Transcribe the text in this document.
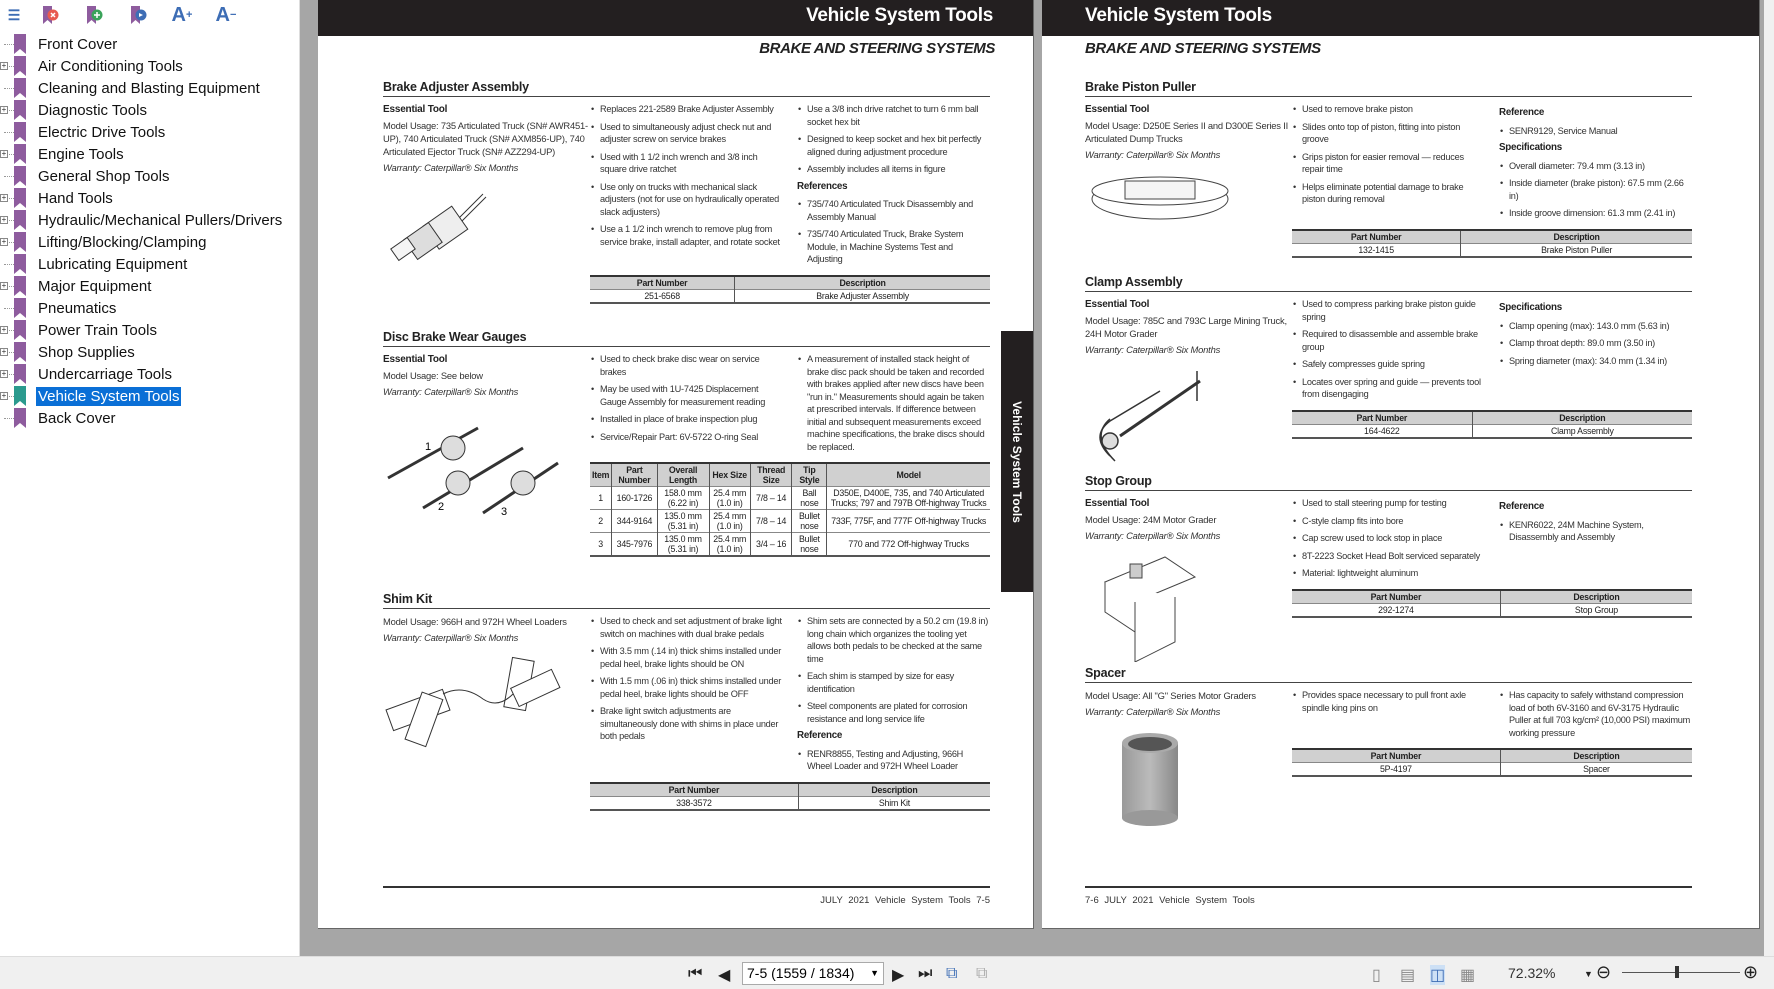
☰	A +	A −
Front Cover
+ Air Conditioning Tools
Cleaning and Blasting Equipment
+ Diagnostic Tools
Electric Drive Tools
+ Engine Tools
General Shop Tools
+ Hand Tools
+ Hydraulic/Mechanical Pullers/Drivers
+ Lifting/Blocking/Clamping
Lubricating Equipment
+ Major Equipment
Pneumatics
+ Power Train Tools
+ Shop Supplies
+ Undercarriage Tools
+ Vehicle System Tools
Back Cover
Vehicle System Tools
BRAKE AND STEERING SYSTEMS
JULY 2021 Vehicle System Tools 7-5
Brake Adjuster Assembly
Essential Tool
Model Usage: 735 Articulated Truck (SN# AWR451-UP), 740 Articulated Truck (SN# AXM856-UP), 740 Articulated Ejector Truck (SN# AZZ294-UP)
Warranty: Caterpillar® Six Months
• Replaces 221-2589 Brake Adjuster Assembly
• Used to simultaneously adjust check nut and adjuster screw on service brakes
• Used with 1 1/2 inch wrench and 3/8 inch square drive ratchet
• Use only on trucks with mechanical slack adjusters (not for use on hydraulically operated slack adjusters)
• Use a 1 1/2 inch wrench to remove plug from service brake, install adapter, and rotate socket
• Use a 3/8 inch drive ratchet to turn 6 mm ball socket hex bit
• Designed to keep socket and hex bit perfectly aligned during adjustment procedure
• Assembly includes all items in figure
References
• 735/740 Articulated Truck Disassembly and Assembly Manual
• 735/740 Articulated Truck, Brake System Module, in Machine Systems Test and Adjusting
Part Number	Description
251-6568	Brake Adjuster Assembly
Disc Brake Wear Gauges
Essential Tool
Model Usage: See below
Warranty: Caterpillar® Six Months
1
2	3
• Used to check brake disc wear on service brakes
• May be used with 1U-7425 Displacement Gauge Assembly for measurement reading
• Installed in place of brake inspection plug
• Service/Repair Part: 6V-5722 O-ring Seal
• A measurement of installed stack height of brake disc pack should be taken and recorded with brakes applied after new discs have been "run in." Measurements should again be taken at prescribed intervals. If difference between initial and subsequent measurements exceed machine specifications, the brake discs should be replaced.
Item	Part Number	Overall Length	Hex Size	Thread Size	Tip Style	Model
1	160-1726	158.0 mm (6.22 in)	25.4 mm (1.0 in)	7/8 – 14	Ball nose	D350E, D400E, 735, and 740 Articulated Trucks; 797 and 797B Off-highway Trucks
2	344-9164	135.0 mm (5.31 in)	25.4 mm (1.0 in)	7/8 – 14	Bullet nose	733F, 775F, and 777F Off-highway Trucks
3	345-7976	135.0 mm (5.31 in)	25.4 mm (1.0 in)	3/4 – 16	Bullet nose	770 and 772 Off-highway Trucks
Shim Kit
Model Usage: 966H and 972H Wheel Loaders
Warranty: Caterpillar® Six Months
• Used to check and set adjustment of brake light switch on machines with dual brake pedals
• With 3.5 mm (.14 in) thick shims installed under pedal heel, brake lights should be ON
• With 1.5 mm (.06 in) thick shims installed under pedal heel, brake lights should be OFF
• Brake light switch adjustments are simultaneously done with shims in place under both pedals
• Shim sets are connected by a 50.2 cm (19.8 in) long chain which organizes the tooling yet allows both pedals to be checked at the same time
• Each shim is stamped by size for easy identification
• Steel components are plated for corrosion resistance and long service life
Reference
• RENR8855, Testing and Adjusting, 966H Wheel Loader and 972H Wheel Loader
Part Number	Description
338-3572	Shim Kit
Vehicle System Tools
Vehicle System Tools
BRAKE AND STEERING SYSTEMS
7-6 JULY 2021 Vehicle System Tools
Brake Piston Puller
Essential Tool
Model Usage: D250E Series II and D300E Series II Articulated Dump Trucks
Warranty: Caterpillar® Six Months
• Used to remove brake piston
• Slides onto top of piston, fitting into piston groove
• Grips piston for easier removal — reduces repair time
• Helps eliminate potential damage to brake piston during removal
Reference
• SENR9129, Service Manual
Specifications
• Overall diameter: 79.4 mm (3.13 in)
• Inside diameter (brake piston): 67.5 mm (2.66 in)
• Inside groove dimension: 61.3 mm (2.41 in)
Part Number	Description
132-1415	Brake Piston Puller
Clamp Assembly
Essential Tool
Model Usage: 785C and 793C Large Mining Truck, 24H Motor Grader
Warranty: Caterpillar® Six Months
• Used to compress parking brake piston guide spring
• Required to disassemble and assemble brake group
• Safely compresses guide spring
• Locates over spring and guide — prevents tool from disengaging
Specifications
• Clamp opening (max): 143.0 mm (5.63 in)
• Clamp throat depth: 89.0 mm (3.50 in)
• Spring diameter (max): 34.0 mm (1.34 in)
Part Number	Description
164-4622	Clamp Assembly
Stop Group
Essential Tool
Model Usage: 24M Motor Grader
Warranty: Caterpillar® Six Months
• Used to stall steering pump for testing
• C-style clamp fits into bore
• Cap screw used to lock stop in place
• 8T-2223 Socket Head Bolt serviced separately
• Material: lightweight aluminum
Reference
• KENR6022, 24M Machine System, Disassembly and Assembly
Part Number	Description
292-1274	Stop Group
Spacer
Model Usage: All "G" Series Motor Graders
Warranty: Caterpillar® Six Months
• Provides space necessary to pull front axle spindle king pins on
• Has capacity to safely withstand compression load of both 6V-3160 and 6V-3175 Hydraulic Puller at full 703 kg/cm² (10,000 PSI) maximum working pressure
Part Number	Description
5P-4197	Spacer
⏮ ◀	7-5 (1559 / 1834) ▼ ▶ ⏭ ⧉ ⧉	▯ ▤ ◫ ▦ 72.32%	▼ ⊖	⊕
